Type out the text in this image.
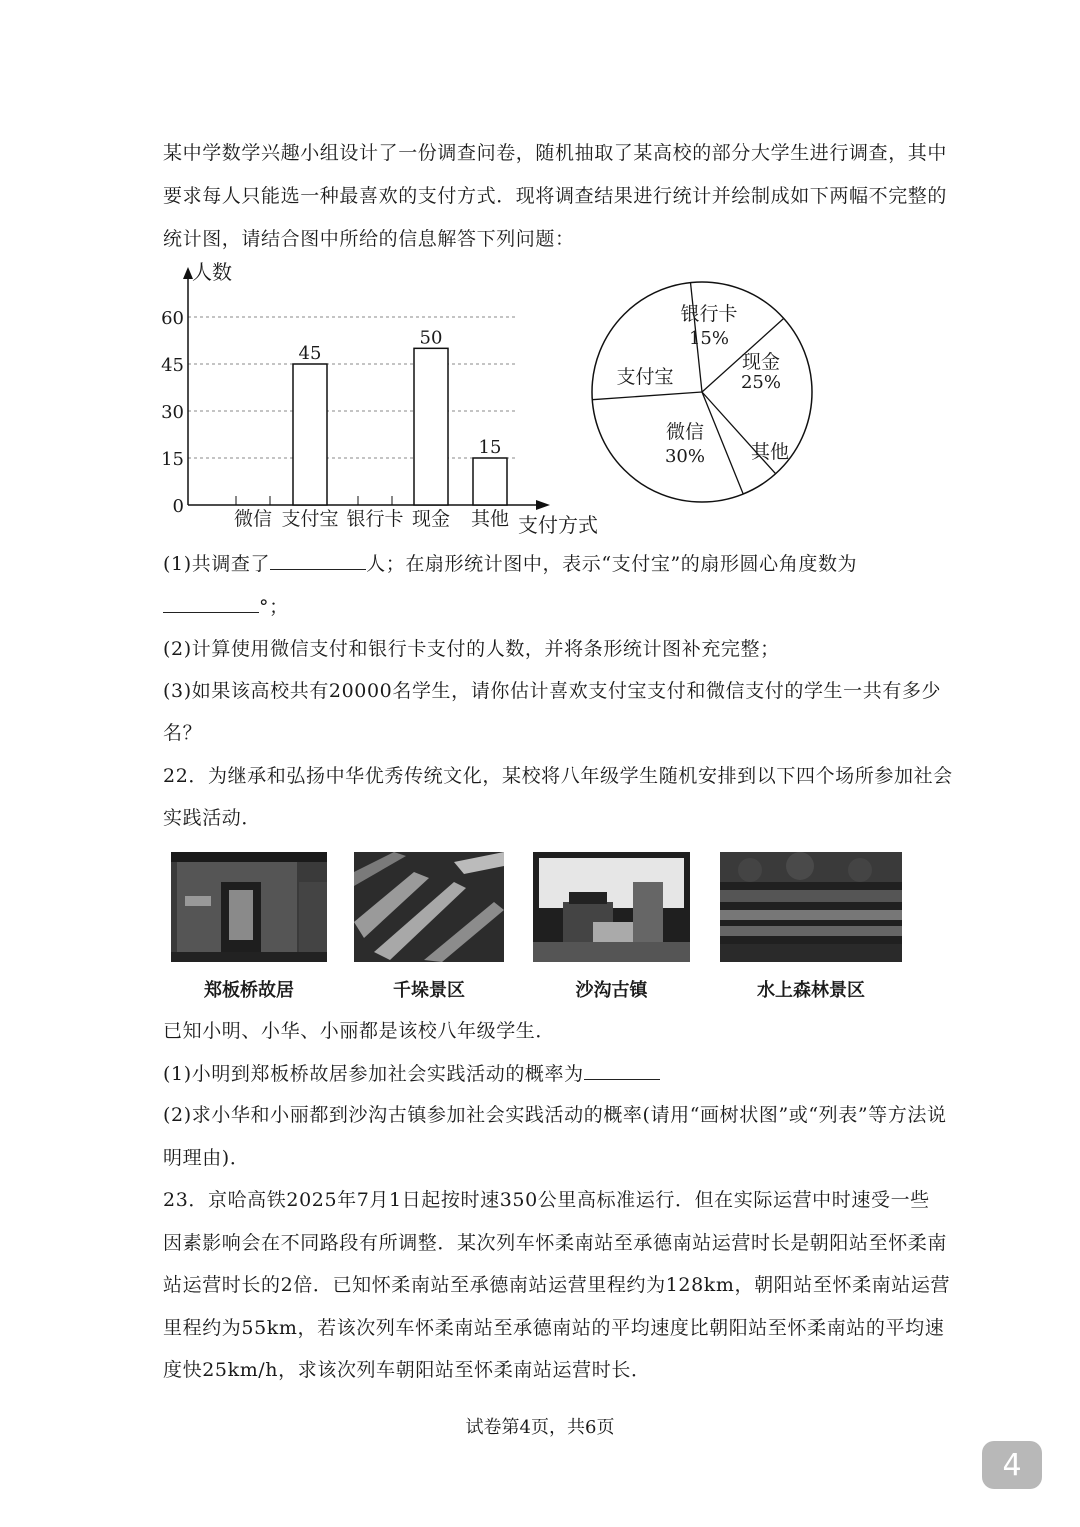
某中学数学兴趣小组设计了一份调查问卷，随机抽取了某高校的部分大学生进行调查，其中
要求每人只能选一种最喜欢的支付方式．现将调查结果进行统计并绘制成如下两幅不完整的
统计图，请结合图中所给的信息解答下列问题：
0
15
30
45
60
人数
支付方式
微信 支付宝
45
银行卡 现金
50
其他
15
银行卡
15%
现金
25%
其他
微信
30%
支付宝
(1)共调查了	人；在扇形统计图中，表示“支付宝”的扇形圆心角度数为
°；
(2)计算使用微信支付和银行卡支付的人数，并将条形统计图补充完整；
(3)如果该高校共有20000名学生，请你估计喜欢支付宝支付和微信支付的学生一共有多少
名？
22．为继承和弘扬中华优秀传统文化，某校将八年级学生随机安排到以下四个场所参加社会
实践活动．
郑板桥故居	千垛景区	沙沟古镇	水上森林景区
已知小明、小华、小丽都是该校八年级学生．
(1)小明到郑板桥故居参加社会实践活动的概率为
(2)求小华和小丽都到沙沟古镇参加社会实践活动的概率(请用“画树状图”或“列表”等方法说
明理由)．
23．京哈高铁2025年7月1日起按时速350公里高标准运行．但在实际运营中时速受一些
因素影响会在不同路段有所调整．某次列车怀柔南站至承德南站运营时长是朝阳站至怀柔南
站运营时长的2倍．已知怀柔南站至承德南站运营里程约为128km，朝阳站至怀柔南站运营
里程约为55km，若该次列车怀柔南站至承德南站的平均速度比朝阳站至怀柔南站的平均速
度快25km/h，求该次列车朝阳站至怀柔南站运营时长．
试卷第4页，共6页
4
